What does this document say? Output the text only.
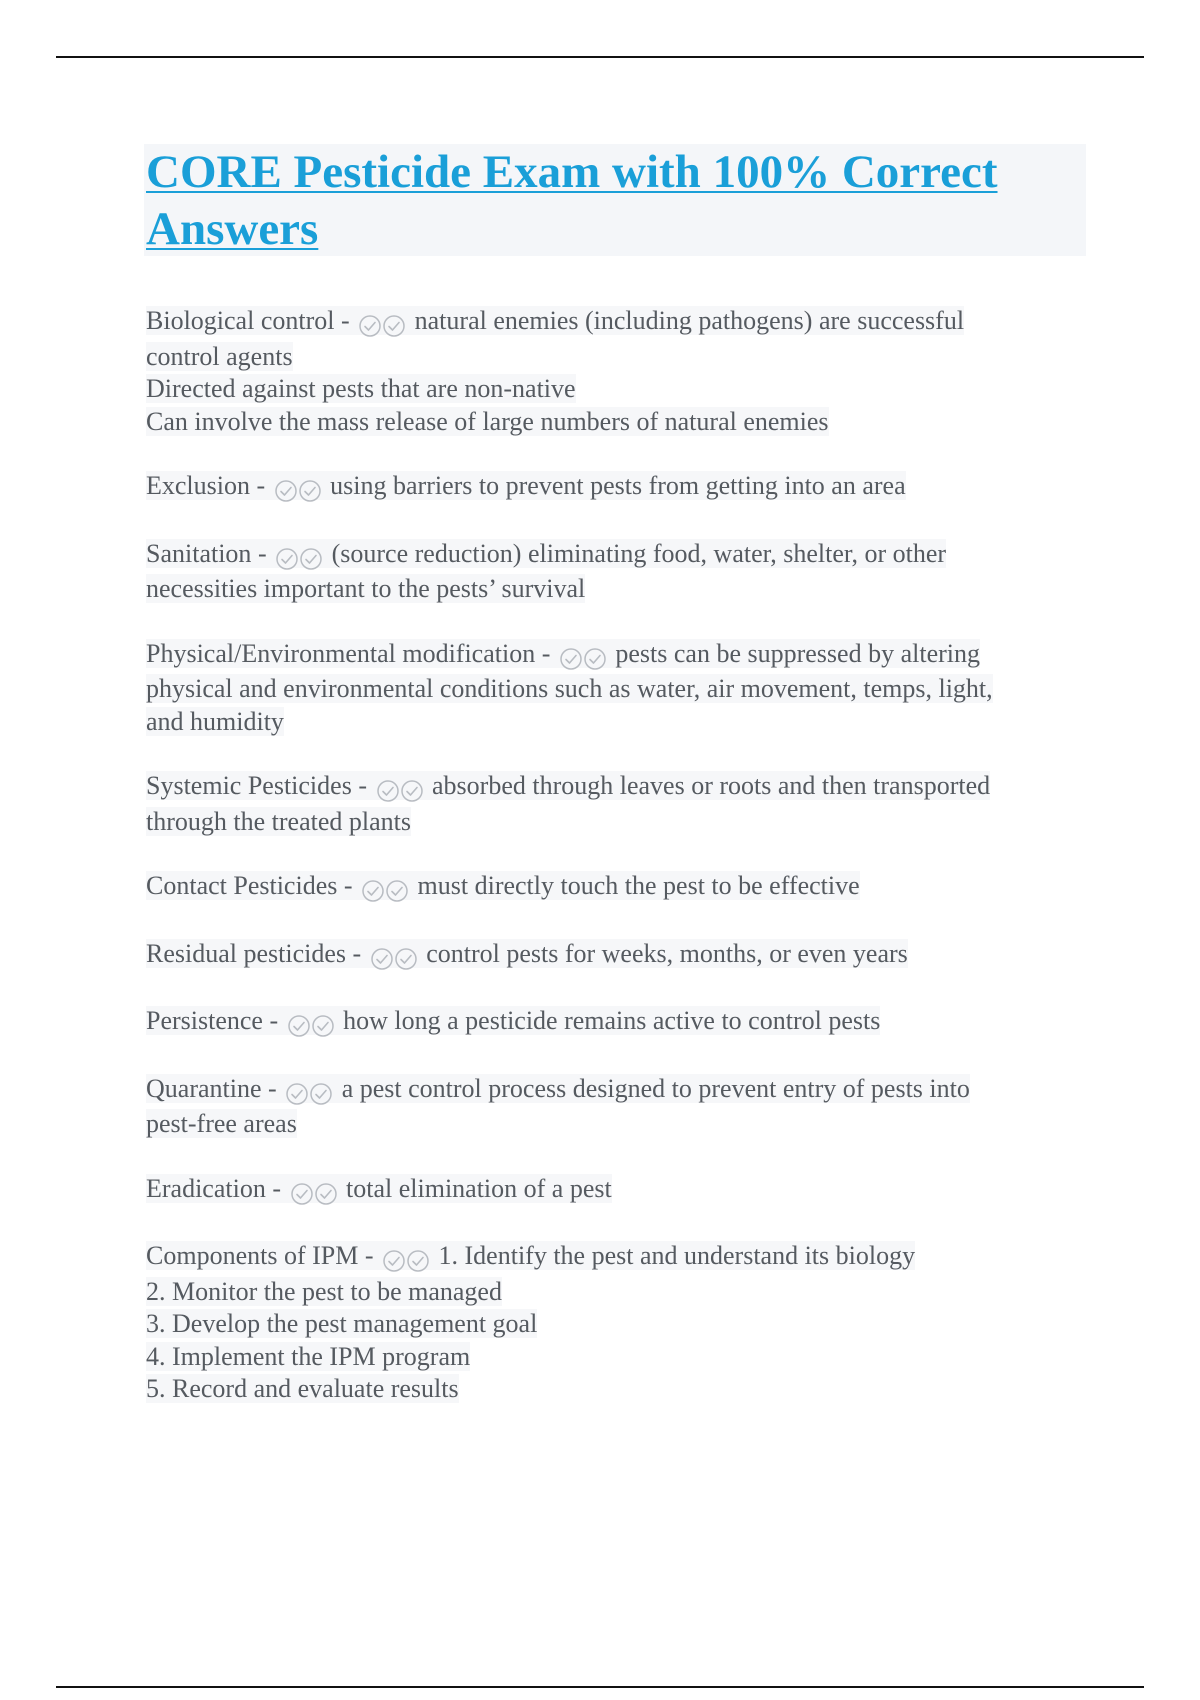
CORE Pesticide Exam with 100% Correct Answers
Biological control -  natural enemies (including pathogens) are successful
control agents
Directed against pests that are non-native
Can involve the mass release of large numbers of natural enemies
Exclusion -  using barriers to prevent pests from getting into an area
Sanitation -  (source reduction) eliminating food, water, shelter, or other
necessities important to the pests’ survival
Physical/Environmental modification -  pests can be suppressed by altering
physical and environmental conditions such as water, air movement, temps, light,
and humidity
Systemic Pesticides -  absorbed through leaves or roots and then transported
through the treated plants
Contact Pesticides -  must directly touch the pest to be effective
Residual pesticides -  control pests for weeks, months, or even years
Persistence -  how long a pesticide remains active to control pests
Quarantine -  a pest control process designed to prevent entry of pests into
pest-free areas
Eradication -  total elimination of a pest
Components of IPM -  1. Identify the pest and understand its biology
2. Monitor the pest to be managed
3. Develop the pest management goal
4. Implement the IPM program
5. Record and evaluate results
